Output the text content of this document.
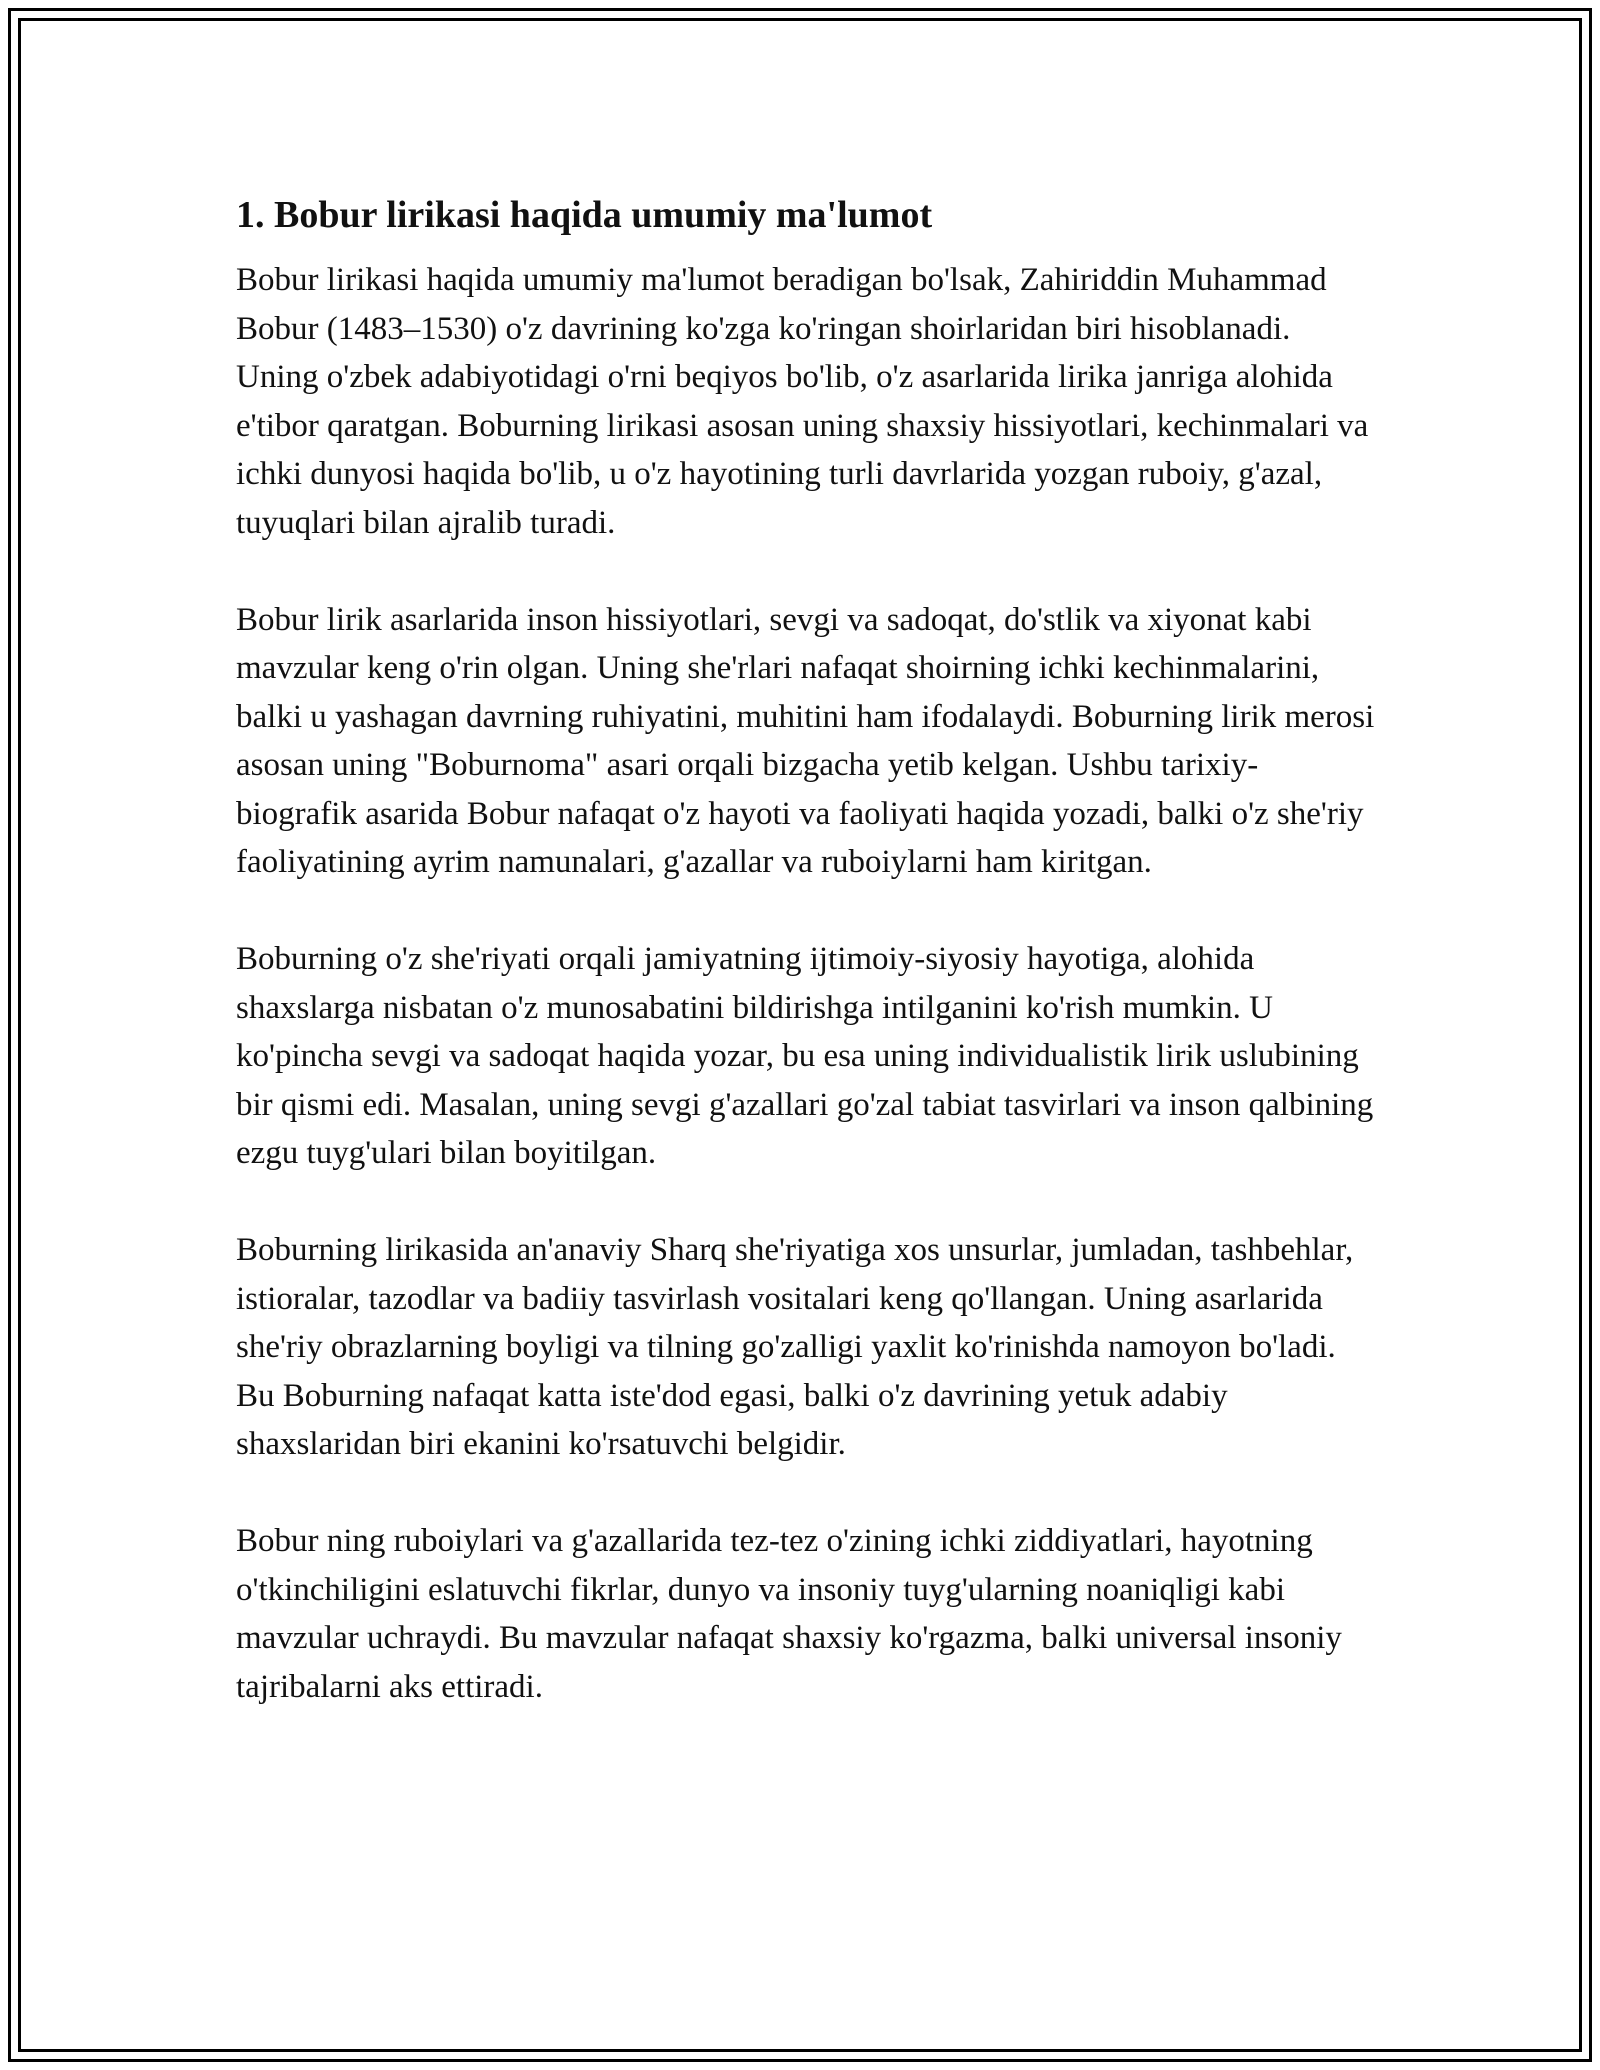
1. Bobur lirikasi haqida umumiy ma'lumot

Bobur lirikasi haqida umumiy ma'lumot beradigan bo'lsak, Zahiriddin Muhammad Bobur (1483–1530) o'z davrining ko'zga ko'ringan shoirlaridan biri hisoblanadi. Uning o'zbek adabiyotidagi o'rni beqiyos bo'lib, o'z asarlarida lirika janriga alohida e'tibor qaratgan. Boburning lirikasi asosan uning shaxsiy hissiyotlari, kechinmalari va ichki dunyosi haqida bo'lib, u o'z hayotining turli davrlarida yozgan ruboiy, g'azal, tuyuqlari bilan ajralib turadi.

Bobur lirik asarlarida inson hissiyotlari, sevgi va sadoqat, do'stlik va xiyonat kabi mavzular keng o'rin olgan. Uning she'rlari nafaqat shoirning ichki kechinmalarini, balki u yashagan davrning ruhiyatini, muhitini ham ifodalaydi. Boburning lirik merosi asosan uning "Boburnoma" asari orqali bizgacha yetib kelgan. Ushbu tarixiy-biografik asarida Bobur nafaqat o'z hayoti va faoliyati haqida yozadi, balki o'z she'riy faoliyatining ayrim namunalari, g'azallar va ruboiylarni ham kiritgan.

Boburning o'z she'riyati orqali jamiyatning ijtimoiy-siyosiy hayotiga, alohida shaxslarga nisbatan o'z munosabatini bildirishga intilganini ko'rish mumkin. U ko'pincha sevgi va sadoqat haqida yozar, bu esa uning individualistik lirik uslubining bir qismi edi. Masalan, uning sevgi g'azallari go'zal tabiat tasvirlari va inson qalbining ezgu tuyg'ulari bilan boyitilgan.

Boburning lirikasida an'anaviy Sharq she'riyatiga xos unsurlar, jumladan, tashbehlar, istioralar, tazodlar va badiiy tasvirlash vositalari keng qo'llangan. Uning asarlarida she'riy obrazlarning boyligi va tilning go'zalligi yaxlit ko'rinishda namoyon bo'ladi. Bu Boburning nafaqat katta iste'dod egasi, balki o'z davrining yetuk adabiy shaxslaridan biri ekanini ko'rsatuvchi belgidir.

Bobur ning ruboiylari va g'azallarida tez-tez o'zining ichki ziddiyatlari, hayotning o'tkinchiligini eslatuvchi fikrlar, dunyo va insoniy tuyg'ularning noaniqligi kabi mavzular uchraydi. Bu mavzular nafaqat shaxsiy ko'rgazma, balki universal insoniy tajribalarni aks ettiradi.
